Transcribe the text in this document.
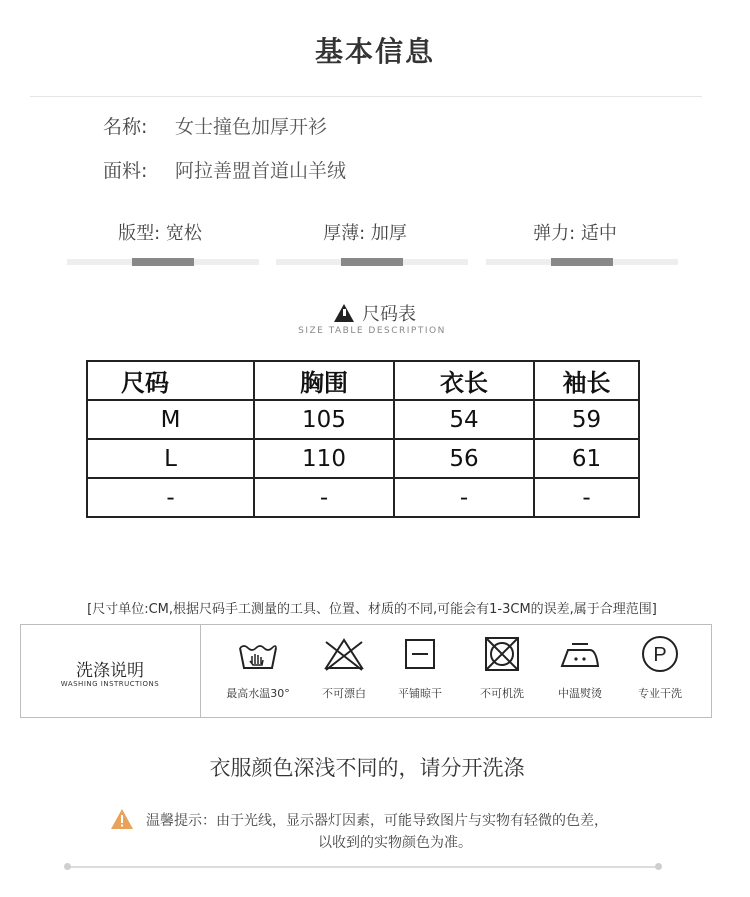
基本信息
名称: 女士撞色加厚开衫
面料: 阿拉善盟首道山羊绒
版型: 宽松	厚薄: 加厚	弹力: 适中
尺码表
SIZE TABLE DESCRIPTION
尺码	胸围	衣长	袖长
M	105	54	59
L	110	56	61
-	-	-	-
[尺寸单位:CM,根据尺码手工测量的工具、位置、材质的不同,可能会有1-3CM的误差,属于合理范围]
洗涤说明
WASHING INSTRUCTIONS
最高水温30°	不可漂白	平铺晾干	不可机洗	中温熨烫
P
专业干洗
衣服颜色深浅不同的，请分开洗涤
温馨提示：由于光线，显示器灯因素，可能导致图片与实物有轻微的色差，
以收到的实物颜色为准。
